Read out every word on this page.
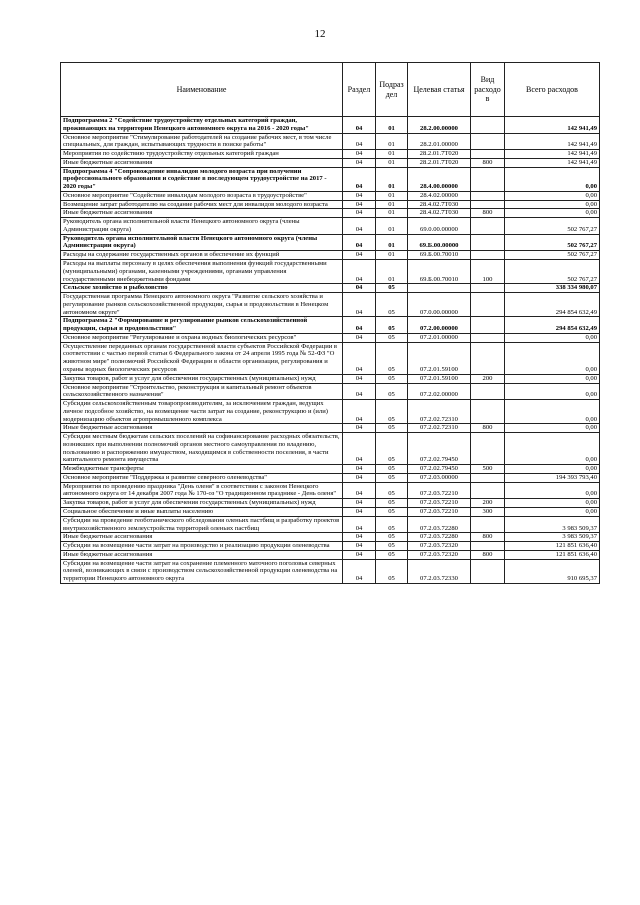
12
Наименование	Раздел	Подраз дел	Целевая статья	Вид расходо в	Всего расходов
Подпрограмма 2 "Содействие трудоустройству отдельных категорий граждан, проживающих на территории Ненецкого автономного округа на 2016 - 2020 годы"	04	01	28.2.00.00000		142 941,49
Основное мероприятие "Стимулирование работодателей на создание рабочих мест, в том числе специальных, для граждан, испытывающих трудности в поиске работы"	04	01	28.2.01.00000		142 941,49
Мероприятия по содействию трудоустройству отдельных категорий граждан	04	01	28.2.01.7Т020		142 941,49
Иные бюджетные ассигнования	04	01	28.2.01.7Т020	800	142 941,49
Подпрограмма 4 "Сопровождение инвалидов молодого возраста при получении профессионального образования и содействие в последующем трудоустройстве на 2017 - 2020 годы"	04	01	28.4.00.00000		0,00
Основное мероприятие "Содействие инвалидам молодого возраста в трудоустройстве"	04	01	28.4.02.00000		0,00
Возмещение затрат работодателю на создание рабочих мест для инвалидов молодого возраста	04	01	28.4.02.7Т030		0,00
Иные бюджетные ассигнования	04	01	28.4.02.7Т030	800	0,00
Руководитель органа исполнительной власти Ненецкого автономного округа (члены Администрации округа)	04	01	69.0.00.00000		502 767,27
Руководитель органа исполнительной власти Ненецкого автономного округа (члены Администрации округа)	04	01	69.Б.00.00000		502 767,27
Расходы на содержание государственных органов и обеспечение их функций	04	01	69.Б.00.70010		502 767,27
Расходы на выплаты персоналу в целях обеспечения выполнения функций государственными (муниципальными) органами, казенными учреждениями, органами управления государственными внебюджетными фондами	04	01	69.Б.00.70010	100	502 767,27
Сельское хозяйство и рыболовство	04	05			338 334 980,07
Государственная программа Ненецкого автономного округа "Развитие сельского хозяйства и регулирование рынков сельскохозяйственной продукции, сырья и продовольствия в Ненецком автономном округе"	04	05	07.0.00.00000		294 854 632,49
Подпрограмма 2 "Формирование и регулирование рынков сельскохозяйственной продукции, сырья и продовольствия"	04	05	07.2.00.00000		294 854 632,49
Основное мероприятие "Регулирование и охрана водных биологических ресурсов"	04	05	07.2.01.00000		0,00
Осуществление переданных органам государственной власти субъектов Российской Федерации в соответствии с частью первой статьи 6 Федерального закона от 24 апреля 1995 года № 52-ФЗ "О животном мире" полномочий Российской Федерации в области организации, регулирования и охраны водных биологических ресурсов	04	05	07.2.01.59100		0,00
Закупка товаров, работ и услуг для обеспечения государственных (муниципальных) нужд	04	05	07.2.01.59100	200	0,00
Основное мероприятие "Строительство, реконструкция и капитальный ремонт объектов сельскохозяйственного назначения"	04	05	07.2.02.00000		0,00
Субсидии сельскохозяйственным товаропроизводителям, за исключением граждан, ведущих личное подсобное хозяйство, на возмещение части затрат на создание, реконструкцию и (или) модернизацию объектов агропромышленного комплекса	04	05	07.2.02.72310		0,00
Иные бюджетные ассигнования	04	05	07.2.02.72310	800	0,00
Субсидии местным бюджетам сельских поселений на софинансирование расходных обязательств, возникших при выполнении полномочий органов местного самоуправления по владению, пользованию и распоряжению имуществом, находящимся в собственности поселения, в части капитального ремонта имущества	04	05	07.2.02.79450		0,00
Межбюджетные трансферты	04	05	07.2.02.79450	500	0,00
Основное мероприятие "Поддержка и развитие северного оленеводства"	04	05	07.2.03.00000		194 393 793,40
Мероприятия по проведению праздника "День оленя" в соответствии с законом Ненецкого автономного округа от 14 декабря 2007 года № 170-оз "О традиционном празднике - День оленя"	04	05	07.2.03.72210		0,00
Закупка товаров, работ и услуг для обеспечения государственных (муниципальных) нужд	04	05	07.2.03.72210	200	0,00
Социальное обеспечение и иные выплаты населению	04	05	07.2.03.72210	300	0,00
Субсидии на проведение геоботанического обследования оленьих пастбищ и разработку проектов внутрихозяйственного землеустройства территорий оленьих пастбищ	04	05	07.2.03.72280		3 983 509,37
Иные бюджетные ассигнования	04	05	07.2.03.72280	800	3 983 509,37
Субсидии на возмещение части затрат на производство и реализацию продукции оленеводства	04	05	07.2.03.72320		121 851 636,40
Иные бюджетные ассигнования	04	05	07.2.03.72320	800	121 851 636,40
Субсидии на возмещение части затрат на сохранение племенного маточного поголовья северных оленей, возникающих в связи с производством сельскохозяйственной продукции оленеводства на территории Ненецкого автономного округа	04	05	07.2.03.72330		910 695,37
